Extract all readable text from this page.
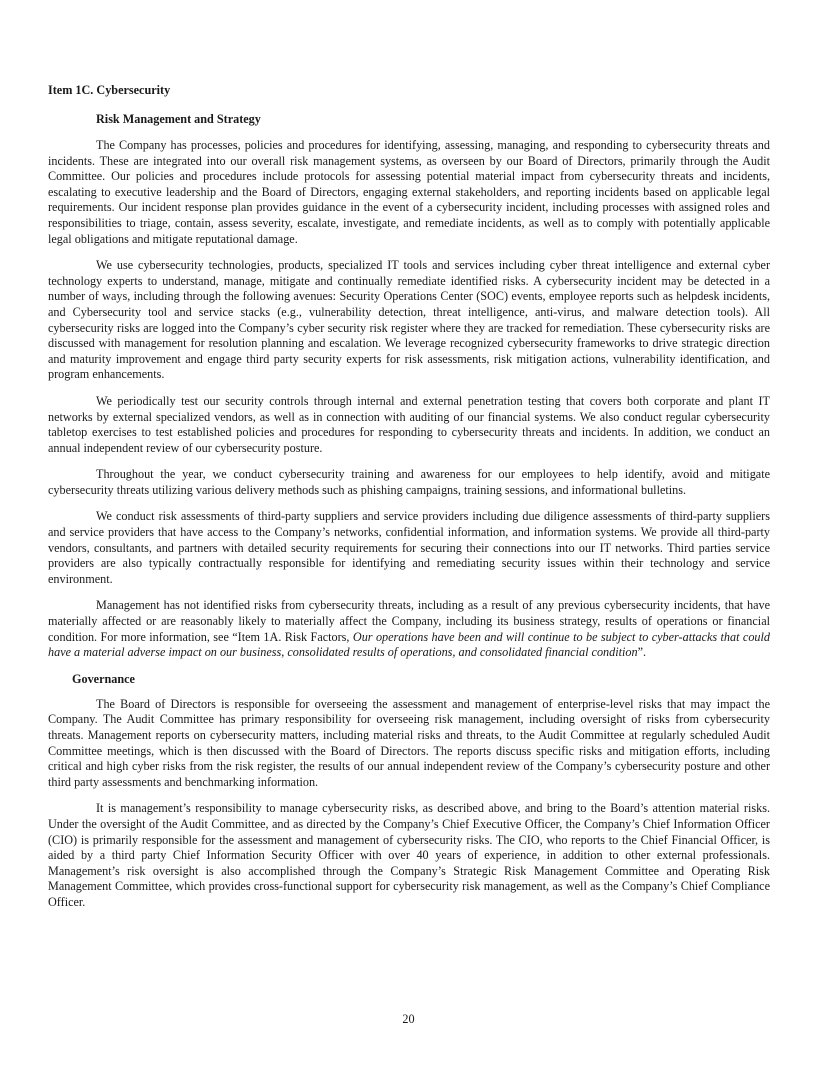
Item 1C. Cybersecurity
Risk Management and Strategy

The Company has processes, policies and procedures for identifying, assessing, managing, and responding to cybersecurity threats and incidents. These are integrated into our overall risk management systems, as overseen by our Board of Directors, primarily through the Audit Committee. Our policies and procedures include protocols for assessing potential material impact from cybersecurity threats and incidents, escalating to executive leadership and the Board of Directors, engaging external stakeholders, and reporting incidents based on applicable legal requirements. Our incident response plan provides guidance in the event of a cybersecurity incident, including processes with assigned roles and responsibilities to triage, contain, assess severity, escalate, investigate, and remediate incidents, as well as to comply with potentially applicable legal obligations and mitigate reputational damage.

We use cybersecurity technologies, products, specialized IT tools and services including cyber threat intelligence and external cyber technology experts to understand, manage, mitigate and continually remediate identified risks. A cybersecurity incident may be detected in a number of ways, including through the following avenues: Security Operations Center (SOC) events, employee reports such as helpdesk incidents, and Cybersecurity tool and service stacks (e.g., vulnerability detection, threat intelligence, anti-virus, and malware detection tools). All cybersecurity risks are logged into the Company’s cyber security risk register where they are tracked for remediation. These cybersecurity risks are discussed with management for resolution planning and escalation. We leverage recognized cybersecurity frameworks to drive strategic direction and maturity improvement and engage third party security experts for risk assessments, risk mitigation actions, vulnerability identification, and program enhancements.

We periodically test our security controls through internal and external penetration testing that covers both corporate and plant IT networks by external specialized vendors, as well as in connection with auditing of our financial systems. We also conduct regular cybersecurity tabletop exercises to test established policies and procedures for responding to cybersecurity threats and incidents. In addition, we conduct an annual independent review of our cybersecurity posture.

Throughout the year, we conduct cybersecurity training and awareness for our employees to help identify, avoid and mitigate cybersecurity threats utilizing various delivery methods such as phishing campaigns, training sessions, and informational bulletins.

We conduct risk assessments of third-party suppliers and service providers including due diligence assessments of third-party suppliers and service providers that have access to the Company’s networks, confidential information, and information systems. We provide all third-party vendors, consultants, and partners with detailed security requirements for securing their connections into our IT networks. Third parties service providers are also typically contractually responsible for identifying and remediating security issues within their technology and service environment.

Management has not identified risks from cybersecurity threats, including as a result of any previous cybersecurity incidents, that have materially affected or are reasonably likely to materially affect the Company, including its business strategy, results of operations or financial condition. For more information, see “Item 1A. Risk Factors, Our operations have been and will continue to be subject to cyber-attacks that could have a material adverse impact on our business, consolidated results of operations, and consolidated financial condition”.

Governance

The Board of Directors is responsible for overseeing the assessment and management of enterprise-level risks that may impact the Company. The Audit Committee has primary responsibility for overseeing risk management, including oversight of risks from cybersecurity threats. Management reports on cybersecurity matters, including material risks and threats, to the Audit Committee at regularly scheduled Audit Committee meetings, which is then discussed with the Board of Directors. The reports discuss specific risks and mitigation efforts, including critical and high cyber risks from the risk register, the results of our annual independent review of the Company’s cybersecurity posture and other third party assessments and benchmarking information.

It is management’s responsibility to manage cybersecurity risks, as described above, and bring to the Board’s attention material risks. Under the oversight of the Audit Committee, and as directed by the Company’s Chief Executive Officer, the Company’s Chief Information Officer (CIO) is primarily responsible for the assessment and management of cybersecurity risks. The CIO, who reports to the Chief Financial Officer, is aided by a third party Chief Information Security Officer with over 40 years of experience, in addition to other external professionals. Management’s risk oversight is also accomplished through the Company’s Strategic Risk Management Committee and Operating Risk Management Committee, which provides cross-functional support for cybersecurity risk management, as well as the Company’s Chief Compliance Officer.

20
